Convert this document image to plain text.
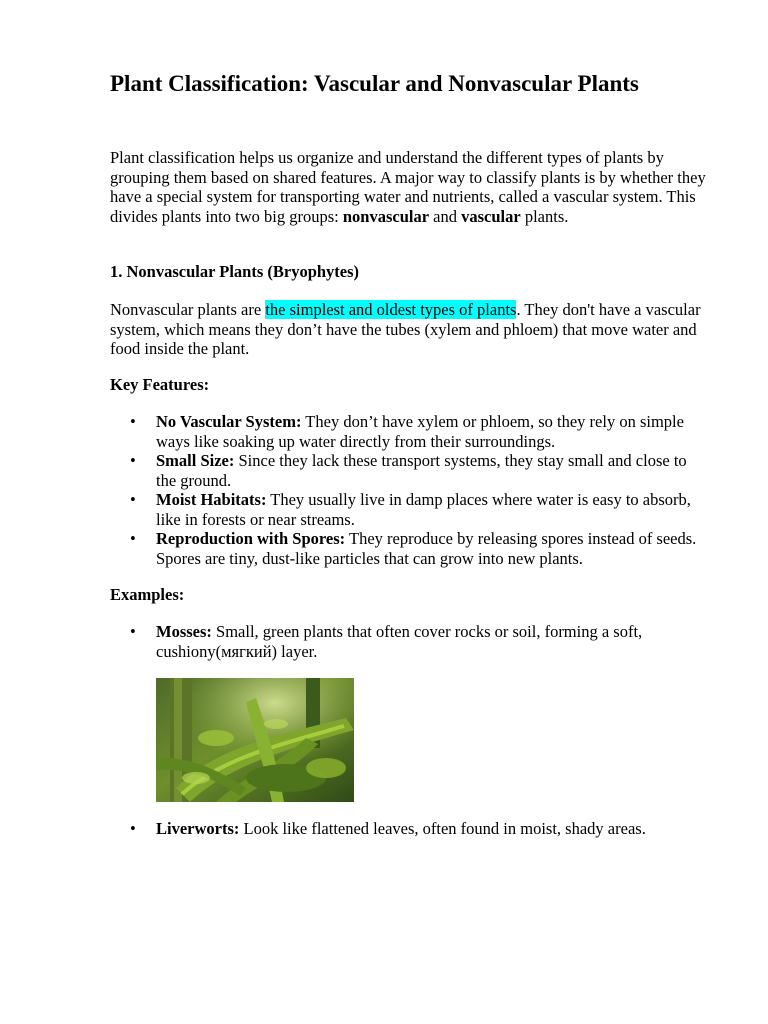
Plant Classification: Vascular and Nonvascular Plants

Plant classification helps us organize and understand the different types of plants by grouping them based on shared features. A major way to classify plants is by whether they have a special system for transporting water and nutrients, called a vascular system. This divides plants into two big groups: nonvascular and vascular plants.

1. Nonvascular Plants (Bryophytes)

Nonvascular plants are the simplest and oldest types of plants. They don't have a vascular system, which means they don’t have the tubes (xylem and phloem) that move water and food inside the plant.

Key Features:
• No Vascular System: They don’t have xylem or phloem, so they rely on simple ways like soaking up water directly from their surroundings.
• Small Size: Since they lack these transport systems, they stay small and close to the ground.
• Moist Habitats: They usually live in damp places where water is easy to absorb, like in forests or near streams.
• Reproduction with Spores: They reproduce by releasing spores instead of seeds. Spores are tiny, dust-like particles that can grow into new plants.
Examples:
• Mosses: Small, green plants that often cover rocks or soil, forming a soft, cushiony(мягкий) layer.
• Liverworts: Look like flattened leaves, often found in moist, shady areas.
